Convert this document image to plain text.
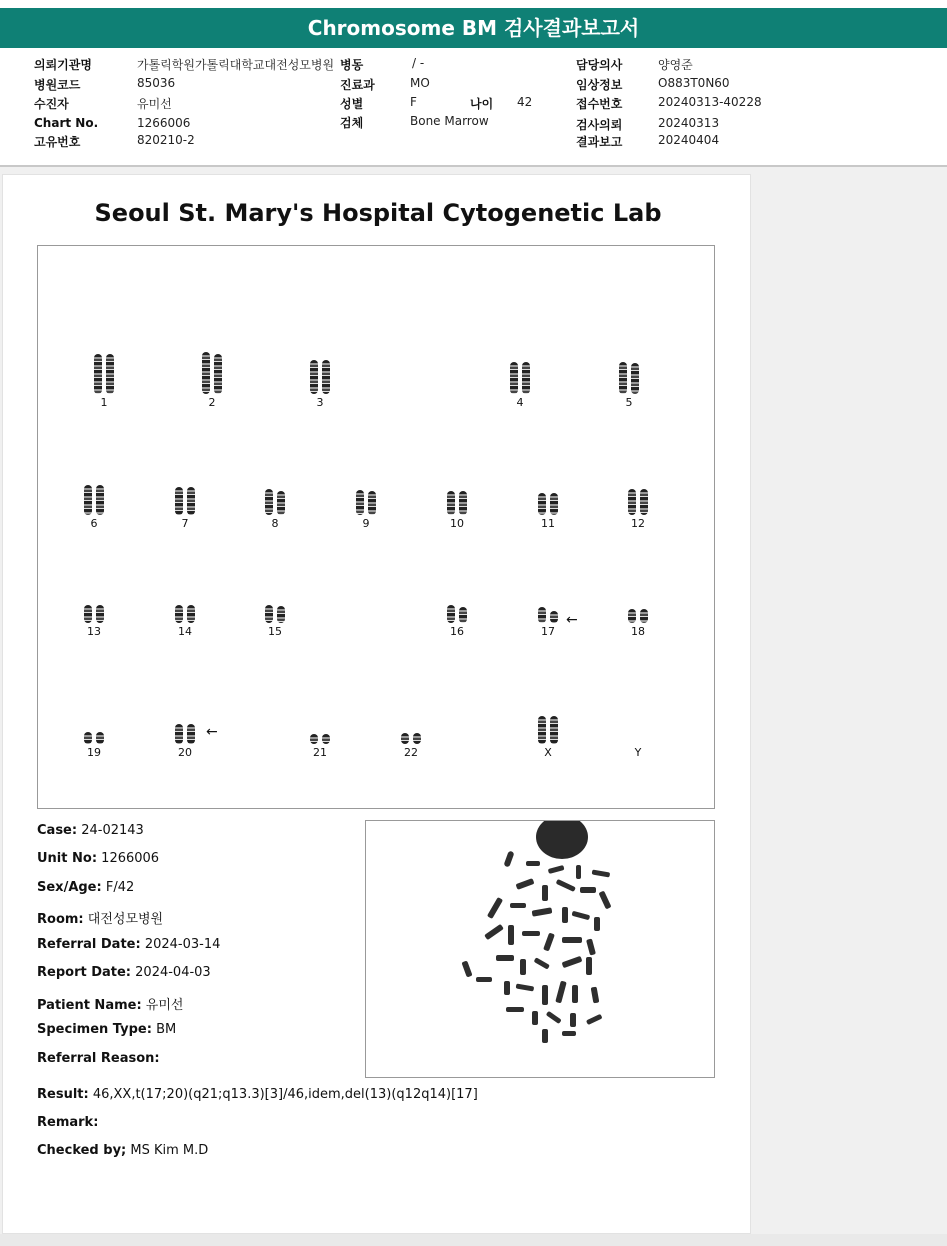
Chromosome BM 검사결과보고서
의뢰기관명	가톨릭학원가톨릭대학교대전성모병원 병동	/ -	담당의사	양영준
병원코드	85036	진료과	MO	임상정보	O883T0N60
수진자	유미선	성별	F	나이 42	접수번호	20240313-40228
Chart No.	1266006	검체	Bone Marrow	검사의뢰	20240313
고유번호	820210-2	결과보고	20240404
Seoul St. Mary's Hospital Cytogenetic Lab
1	2	3	4	5
6	7	8	9	10	11	12
13	14	15	16	17
←
18
19	20
←
21	22	X	Y
Case: 24-02143
Unit No: 1266006
Sex/Age: F/42
Room: 대전성모병원
Referral Date: 2024-03-14
Report Date: 2024-04-03
Patient Name: 유미선
Specimen Type: BM
Referral Reason:
Result: 46,XX,t(17;20)(q21;q13.3)[3]/46,idem,del(13)(q12q14)[17]
Remark:
Checked by; MS Kim M.D
